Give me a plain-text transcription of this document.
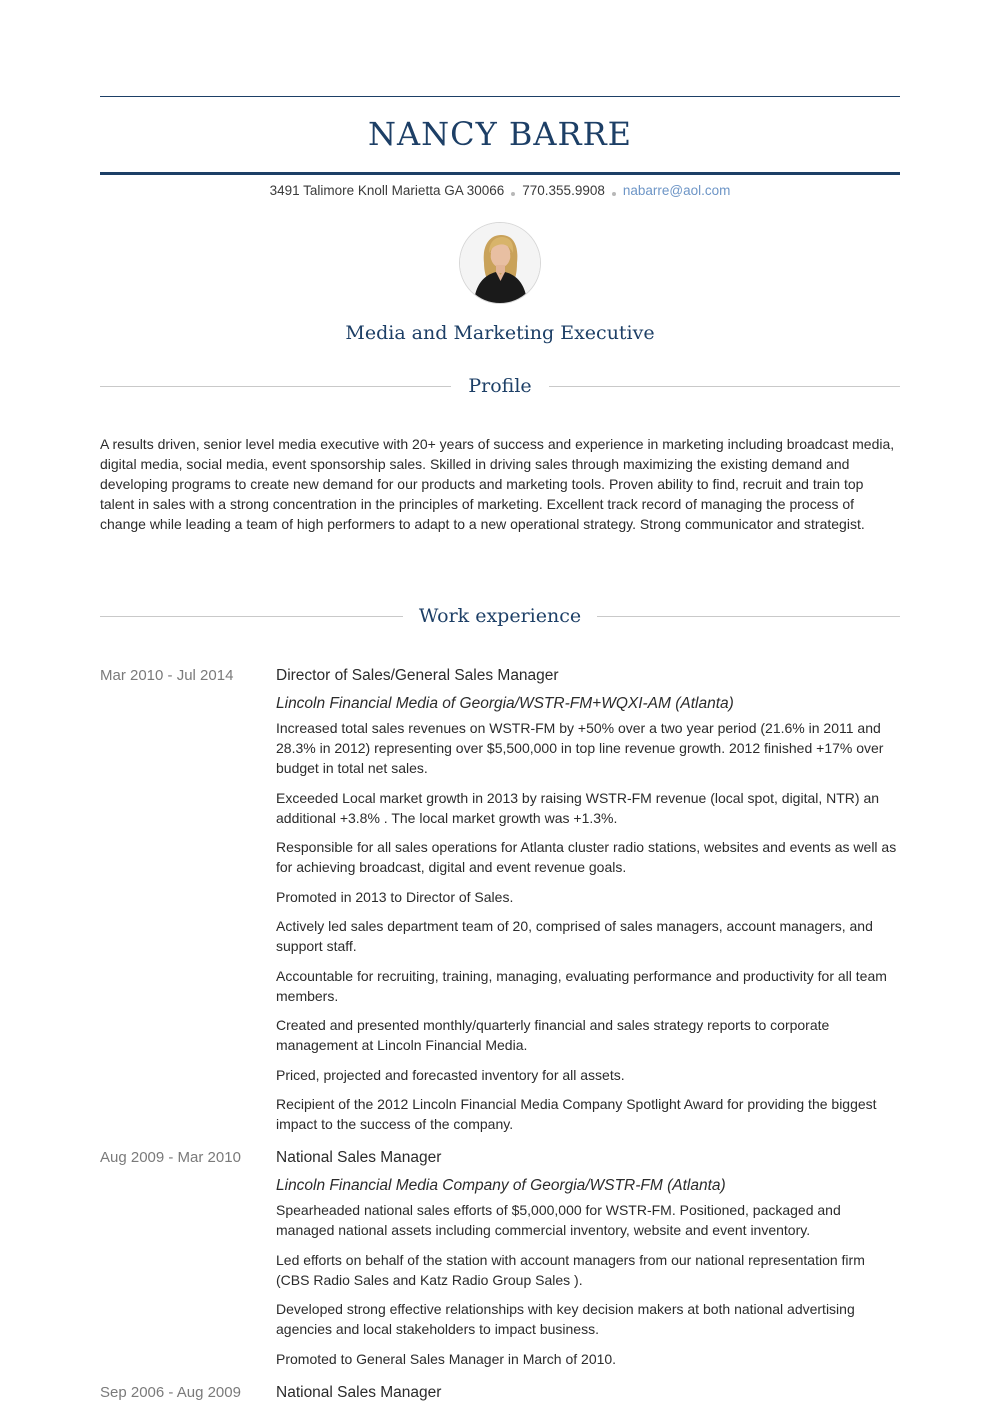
NANCY BARRE
3491 Talimore Knoll Marietta GA 30066 770.355.9908 nabarre@aol.com
Media and Marketing Executive
Profile
A results driven, senior level media executive with 20+ years of success and experience in marketing including broadcast media, digital media, social media, event sponsorship sales. Skilled in driving sales through maximizing the existing demand and developing programs to create new demand for our products and marketing tools. Proven ability to find, recruit and train top talent in sales with a strong concentration in the principles of marketing. Excellent track record of managing the process of change while leading a team of high performers to adapt to a new operational strategy. Strong communicator and strategist.
Work experience
Mar 2010 - Jul 2014	Director of Sales/General Sales Manager
Lincoln Financial Media of Georgia/WSTR-FM+WQXI-AM (Atlanta)
Increased total sales revenues on WSTR-FM by +50% over a two year period (21.6% in 2011 and 28.3% in 2012) representing over $5,500,000 in top line revenue growth. 2012 finished +17% over budget in total net sales.
Exceeded Local market growth in 2013 by raising WSTR-FM revenue (local spot, digital, NTR) an additional +3.8% . The local market growth was +1.3%.
Responsible for all sales operations for Atlanta cluster radio stations, websites and events as well as for achieving broadcast, digital and event revenue goals.
Promoted in 2013 to Director of Sales.
Actively led sales department team of 20, comprised of sales managers, account managers, and support staff.
Accountable for recruiting, training, managing, evaluating performance and productivity for all team members.
Created and presented monthly/quarterly financial and sales strategy reports to corporate management at Lincoln Financial Media.
Priced, projected and forecasted inventory for all assets.
Recipient of the 2012 Lincoln Financial Media Company Spotlight Award for providing the biggest impact to the success of the company.
Aug 2009 - Mar 2010	National Sales Manager
Lincoln Financial Media Company of Georgia/WSTR-FM (Atlanta)
Spearheaded national sales efforts of $5,000,000 for WSTR-FM. Positioned, packaged and managed national assets including commercial inventory, website and event inventory.
Led efforts on behalf of the station with account managers from our national representation firm (CBS Radio Sales and Katz Radio Group Sales ).
Developed strong effective relationships with key decision makers at both national advertising agencies and local stakeholders to impact business.
Promoted to General Sales Manager in March of 2010.
Sep 2006 - Aug 2009	National Sales Manager
